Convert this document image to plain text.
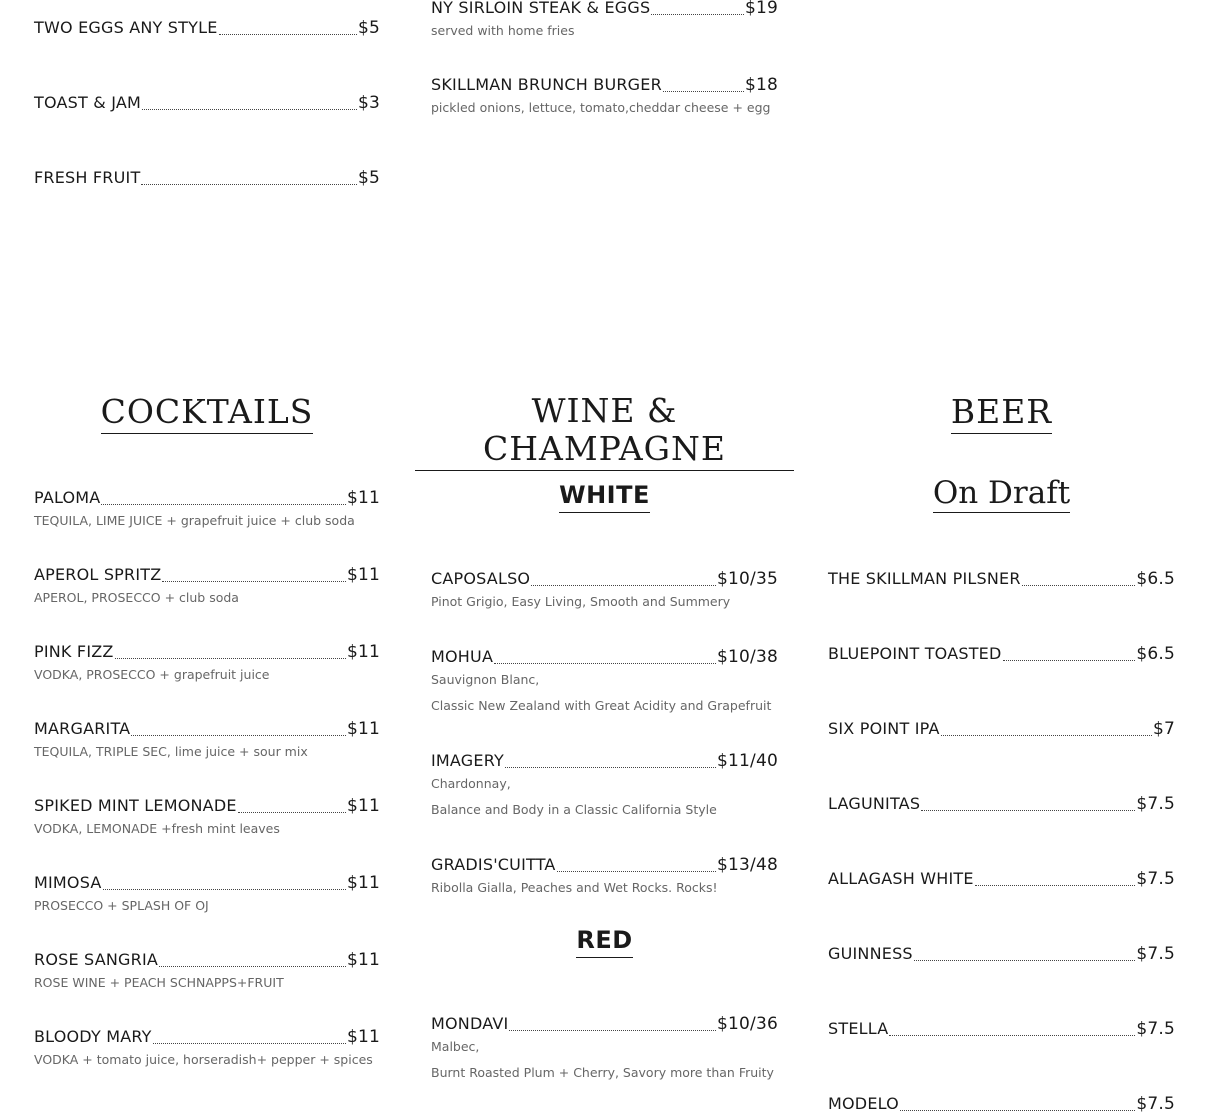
TWO EGGS ANY STYLE	$5
TOAST & JAM	$3
FRESH FRUIT	$5
NY SIRLOIN STEAK & EGGS	$19
served with home fries
SKILLMAN BRUNCH BURGER	$18
pickled onions, lettuce, tomato,cheddar cheese + egg
COCKTAILS	WINE & CHAMPAGNE
BEER
WHITE	On Draft
RED
PALOMA	$11
TEQUILA, LIME JUICE + grapefruit juice + club soda
APEROL SPRITZ	$11
APEROL, PROSECCO + club soda
PINK FIZZ	$11
VODKA, PROSECCO + grapefruit juice
MARGARITA	$11
TEQUILA, TRIPLE SEC, lime juice + sour mix
SPIKED MINT LEMONADE	$11
VODKA, LEMONADE +fresh mint leaves
MIMOSA	$11
PROSECCO + SPLASH OF OJ
ROSE SANGRIA	$11
ROSE WINE + PEACH SCHNAPPS+FRUIT
BLOODY MARY	$11
VODKA + tomato juice, horseradish+ pepper + spices
CAPOSALSO	$10/35
Pinot Grigio, Easy Living, Smooth and Summery
MOHUA	$10/38
Sauvignon Blanc,
Classic New Zealand with Great Acidity and Grapefruit
IMAGERY	$11/40
Chardonnay,
Balance and Body in a Classic California Style
GRADIS'CUITTA	$13/48
Ribolla Gialla, Peaches and Wet Rocks. Rocks!
MONDAVI	$10/36
Malbec,
Burnt Roasted Plum + Cherry, Savory more than Fruity
THE SKILLMAN PILSNER	$6.5
BLUEPOINT TOASTED	$6.5
SIX POINT IPA	$7
LAGUNITAS	$7.5
ALLAGASH WHITE	$7.5
GUINNESS	$7.5
STELLA	$7.5
MODELO	$7.5
